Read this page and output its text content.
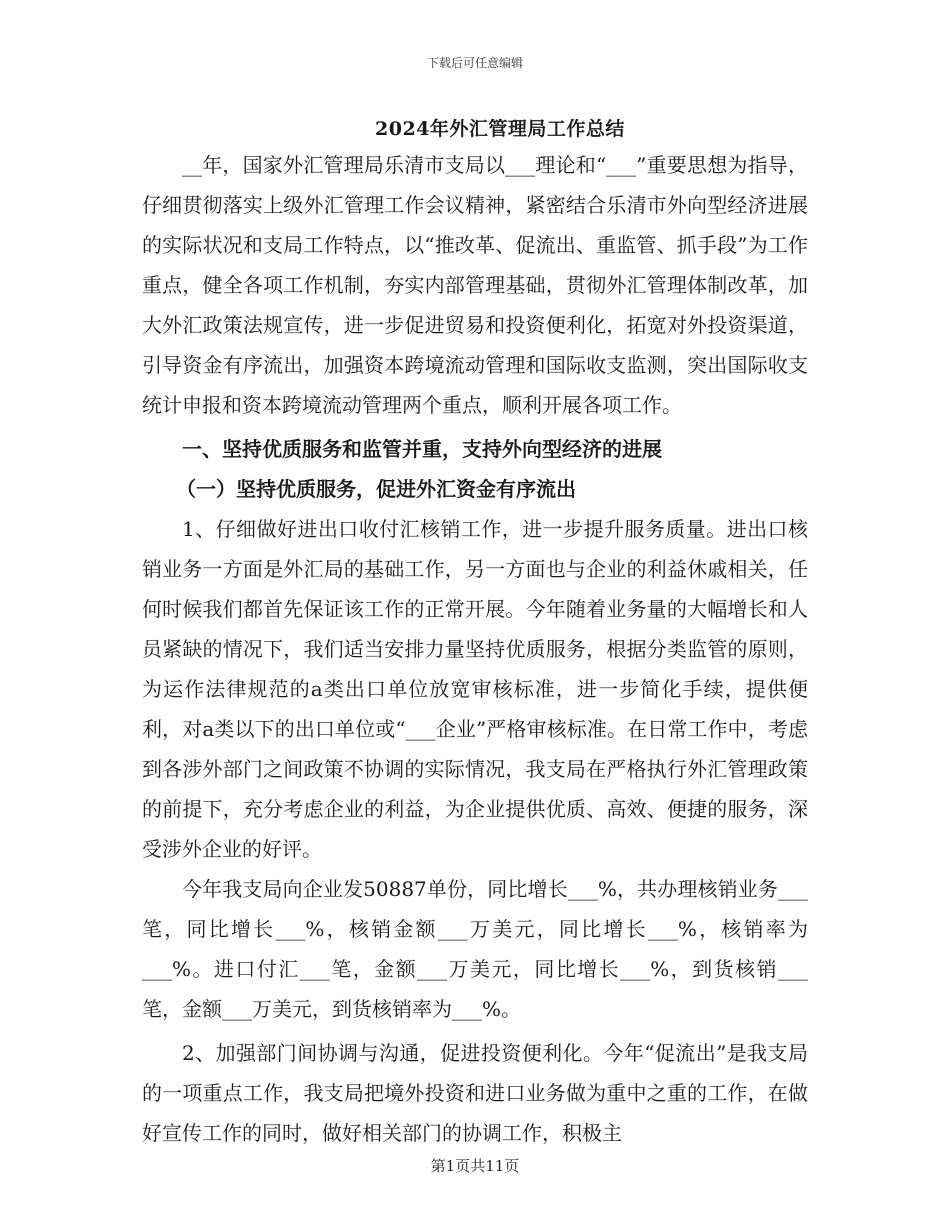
下载后可任意编辑
2024年外汇管理局工作总结

__年，国家外汇管理局乐清市支局以___理论和“___”重要思想为指导，仔细贯彻落实上级外汇管理工作会议精神，紧密结合乐清市外向型经济进展的实际状况和支局工作特点，以“推改革、促流出、重监管、抓手段”为工作重点，健全各项工作机制，夯实内部管理基础，贯彻外汇管理体制改革，加大外汇政策法规宣传，进一步促进贸易和投资便利化，拓宽对外投资渠道，引导资金有序流出，加强资本跨境流动管理和国际收支监测，突出国际收支统计申报和资本跨境流动管理两个重点，顺利开展各项工作。

一、坚持优质服务和监管并重，支持外向型经济的进展

（一）坚持优质服务，促进外汇资金有序流出

1、仔细做好进出口收付汇核销工作，进一步提升服务质量。进出口核销业务一方面是外汇局的基础工作，另一方面也与企业的利益休戚相关，任何时候我们都首先保证该工作的正常开展。今年随着业务量的大幅增长和人员紧缺的情况下，我们适当安排力量坚持优质服务，根据分类监管的原则，为运作法律规范的a类出口单位放宽审核标准，进一步简化手续，提供便利，对a类以下的出口单位或“___企业”严格审核标准。在日常工作中，考虑到各涉外部门之间政策不协调的实际情况，我支局在严格执行外汇管理政策的前提下，充分考虑企业的利益，为企业提供优质、高效、便捷的服务，深受涉外企业的好评。

今年我支局向企业发50887单份，同比增长___%，共办理核销业务___笔，同比增长___%，核销金额___万美元，同比增长___%，核销率为___%。进口付汇___笔，金额___万美元，同比增长___%，到货核销___笔，金额___万美元，到货核销率为___%。

2、加强部门间协调与沟通，促进投资便利化。今年“促流出”是我支局的一项重点工作，我支局把境外投资和进口业务做为重中之重的工作，在做好宣传工作的同时，做好相关部门的协调工作，积极主

第1页共11页
